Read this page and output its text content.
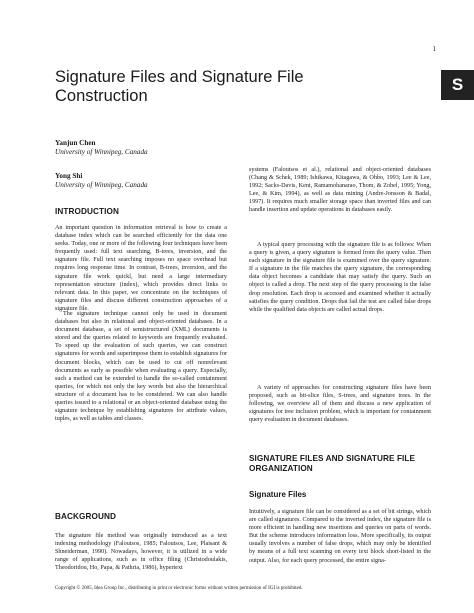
1
S
Signature Files and Signature File Construction
Yanjun Chen
University of Winnipeg, Canada
Yong Shi
University of Winnipeg, Canada
INTRODUCTION

An important question in information retrieval is how to create a database index which can be searched efficiently for the data one seeks. Today, one or more of the following four techniques have been frequently used: full text searching, B-trees, inversion, and the signature file. Full text searching imposes no space overhead but requires long response time. In contrast, B-trees, inversion, and the signature file work quickl, but need a large intermediary representation structure (index), which provides direct links to relevant data. In this paper, we concentrate on the techniques of signature files and discuss different construction approaches of a signature file.

The signature technique cannot only be used in document databases but also in relational and object-oriented databases. In a document database, a set of semistructured (XML) documents is stored and the queries related to keywords are frequently evaluated. To speed up the evaluation of such queries, we can construct signatures for words and superimpose them to establish signatures for document blocks, which can be used to cut off nonrelevant documents as early as possible when evaluating a query. Especially, such a method can be extended to handle the so-called containment queries, for which not only the key words but also the hierarchical structure of a document has to be considered. We can also handle queries issued to a relational or an object-oriented database using the signature technique by establishing signatures for attribute values, tuples, as well as tables and classes.

BACKGROUND

The signature file method was originally introduced as a text indexing methodology (Faloutsos, 1985; Faloutsos, Lee, Plaisant & Shneiderman, 1990). Nowadays, however, it is utilized in a wide range of applications, such as in office filing (Christodoulakis, Theodoridou, Ho, Papa, & Pathria, 1986), hypertext

systems (Faloutsos et al.), relational and object-oriented databases (Chang & Schek, 1989; Ishikawa, Kitagawa, & Ohbo, 1993; Lee & Lee, 1992; Sacks-Davis, Kent, Ramamohanarao, Thom, & Zobel, 1995; Yong, Lee, & Kim, 1994), as well as data mining (Andre-Jonsson & Badal, 1997). It requires much smaller storage space than inverted files and can handle insertion and update operations in databases easily.

A typical query processing with the signature file is as follows: When a query is given, a query signature is formed from the query value. Then each signature in the signature file is examined over the query signature. If a signature in the file matches the query signature, the corresponding data object becomes a candidate that may satisfy the query. Such an object is called a drop. The next step of the query processing is the false drop resolution. Each drop is accessed and examined whether it actually satisfies the query condition. Drops that fail the test are called false drops while the qualified data objects are called actual drops.

A variety of approaches for constructing signature files have been proposed, such as bit-slice files, S-trees, and signature trees. In the following, we overview all of them and discuss a new application of signatures for tree inclusion problem, which is important for containment query evaluation in document databases.

SIGNATURE FILES AND SIGNATURE FILE ORGANIZATION
Signature Files

Intuitively, a signature file can be considered as a set of bit strings, which are called signatures. Compared to the inverted index, the signature file is more efficient in handling new insertions and queries on parts of words. But the scheme introduces information loss. More specifically, its output usually involves a number of false drops, which may only be identified by means of a full text scanning on every text block short-listed in the output. Also, for each query processed, the entire signa-

Copyright © 2005, Idea Group Inc., distributing in print or electronic forms without written permission of IGI is prohibited.
